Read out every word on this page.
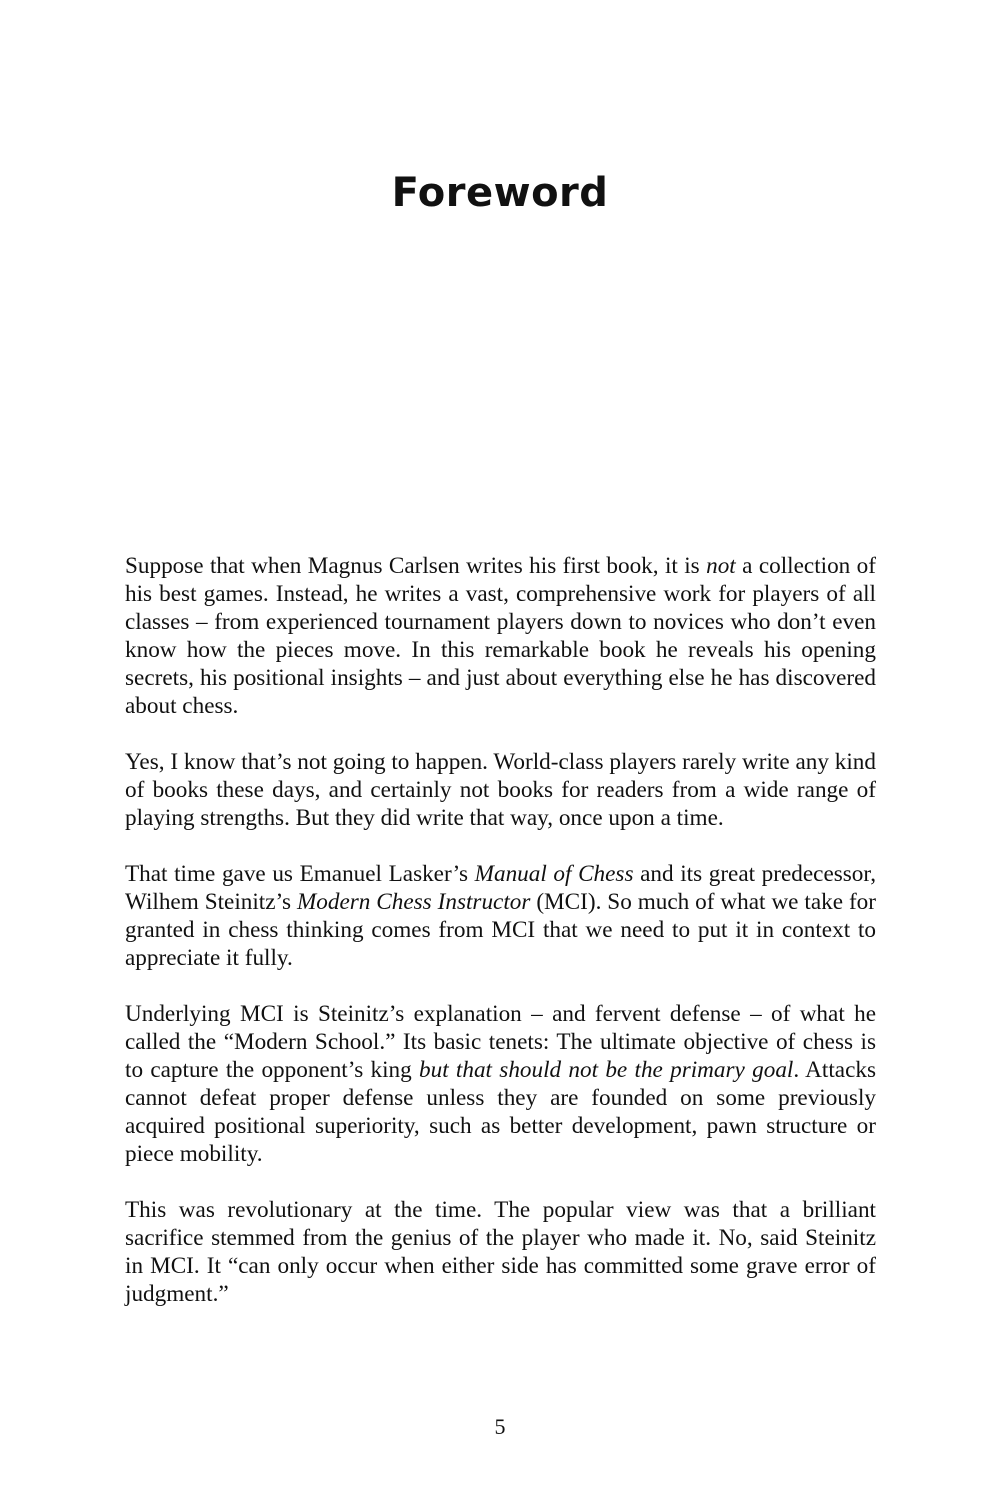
Foreword

Suppose that when Magnus Carlsen writes his first book, it is not a collection of his best games. Instead, he writes a vast, comprehensive work for players of all classes – from experienced tournament players down to novices who don’t even know how the pieces move. In this remarkable book he reveals his opening secrets, his positional insights – and just about everything else he has discovered about chess.

Yes, I know that’s not going to happen. World-class players rarely write any kind of books these days, and certainly not books for readers from a wide range of playing strengths. But they did write that way, once upon a time.

That time gave us Emanuel Lasker’s Manual of Chess and its great predecessor, Wilhem Steinitz’s Modern Chess Instructor (MCI). So much of what we take for granted in chess thinking comes from MCI that we need to put it in context to appreciate it fully.

Underlying MCI is Steinitz’s explanation – and fervent defense – of what he called the “Modern School.” Its basic tenets: The ultimate objective of chess is to capture the opponent’s king but that should not be the primary goal. Attacks cannot defeat proper defense unless they are founded on some previously acquired positional superiority, such as better development, pawn structure or piece mobility.

This was revolutionary at the time. The popular view was that a brilliant sacrifice stemmed from the genius of the player who made it. No, said Steinitz in MCI. It “can only occur when either side has committed some grave error of judgment.”

5
